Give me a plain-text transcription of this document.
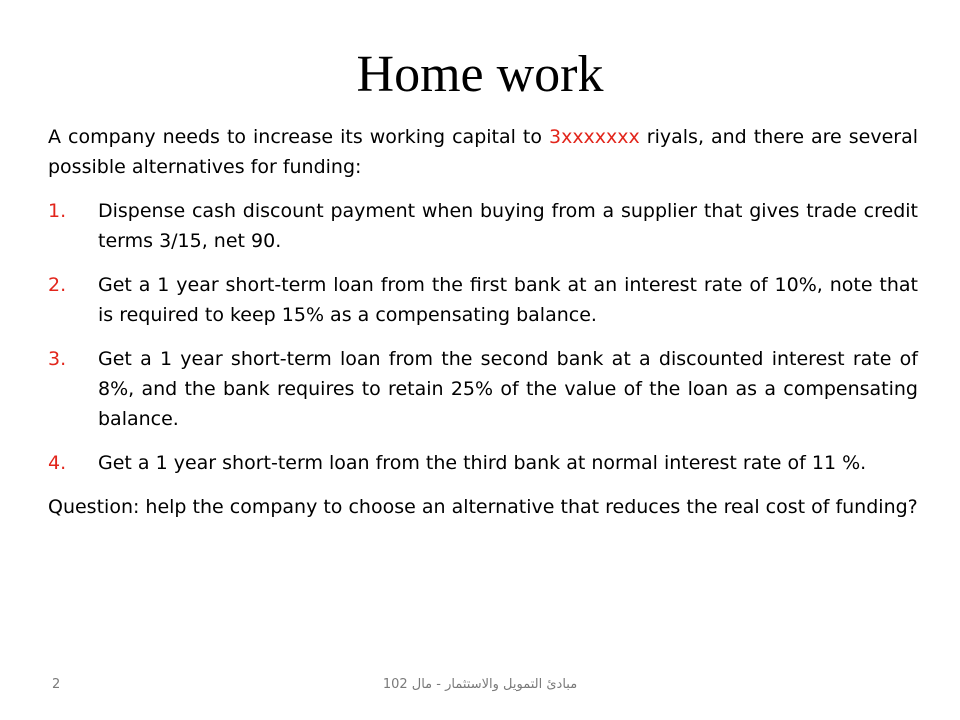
Home work

A company needs to increase its working capital to 3xxxxxxx riyals, and there are several possible alternatives for funding:

1. Dispense cash discount payment when buying from a supplier that gives trade credit terms 3/15, net 90.
2. Get a 1 year short-term loan from the first bank at an interest rate of 10%, note that is required to keep 15% as a compensating balance.
3. Get a 1 year short-term loan from the second bank at a discounted interest rate of 8%, and the bank requires to retain 25% of the value of the loan as a compensating balance.
4. Get a 1 year short-term loan from the third bank at normal interest rate of 11 %.

Question: help the company to choose an alternative that reduces the real cost of funding?

2	مبادئ التمويل والاستثمار - مال 102
